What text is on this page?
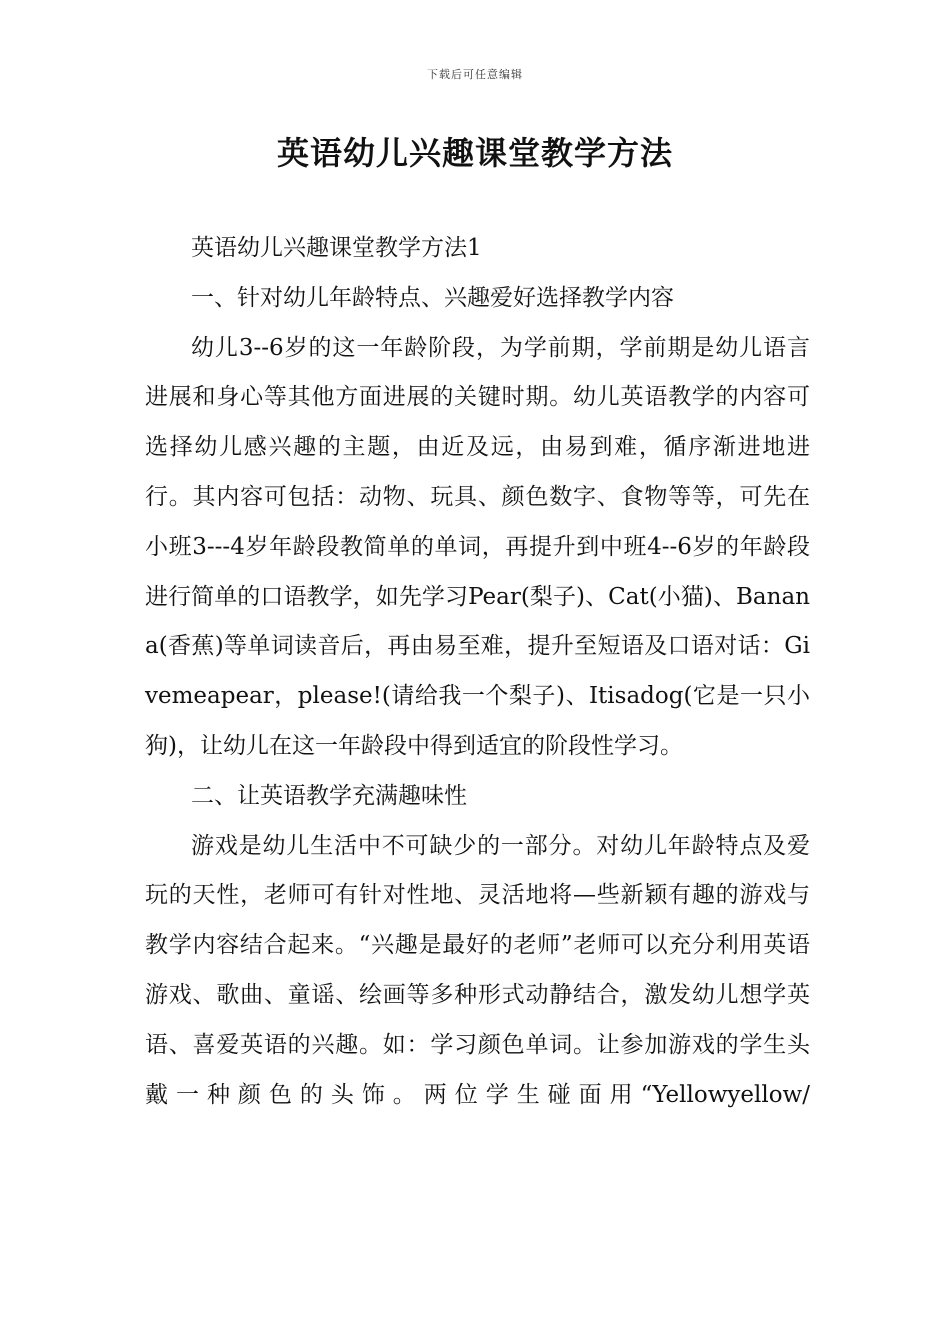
下载后可任意编辑
英语幼儿兴趣课堂教学方法

英语幼儿兴趣课堂教学方法1

一、针对幼儿年龄特点、兴趣爱好选择教学内容

幼儿3--6岁的这一年龄阶段，为学前期，学前期是幼儿语言进展和身心等其他方面进展的关键时期。幼儿英语教学的内容可选择幼儿感兴趣的主题，由近及远，由易到难，循序渐进地进行。其内容可包括：动物、玩具、颜色数字、食物等等，可先在小班3---4岁年龄段教简单的单词，再提升到中班4--6岁的年龄段进行简单的口语教学，如先学习Pear(梨子)、Cat(小猫)、Banana(香蕉)等单词读音后，再由易至难，提升至短语及口语对话：Givemeapear，please!(请给我一个梨子)、Itisadog(它是一只小狗)，让幼儿在这一年龄段中得到适宜的阶段性学习。

二、让英语教学充满趣味性

游戏是幼儿生活中不可缺少的一部分。对幼儿年龄特点及爱玩的天性，老师可有针对性地、灵活地将—些新颖有趣的游戏与教学内容结合起来。“兴趣是最好的老师”老师可以充分利用英语游戏、歌曲、童谣、绘画等多种形式动静结合，激发幼儿想学英语、喜爱英语的兴趣。如：学习颜色单词。让参加游戏的学生头戴一种颜色的头饰。两位学生碰面用“Yellowyellow/
